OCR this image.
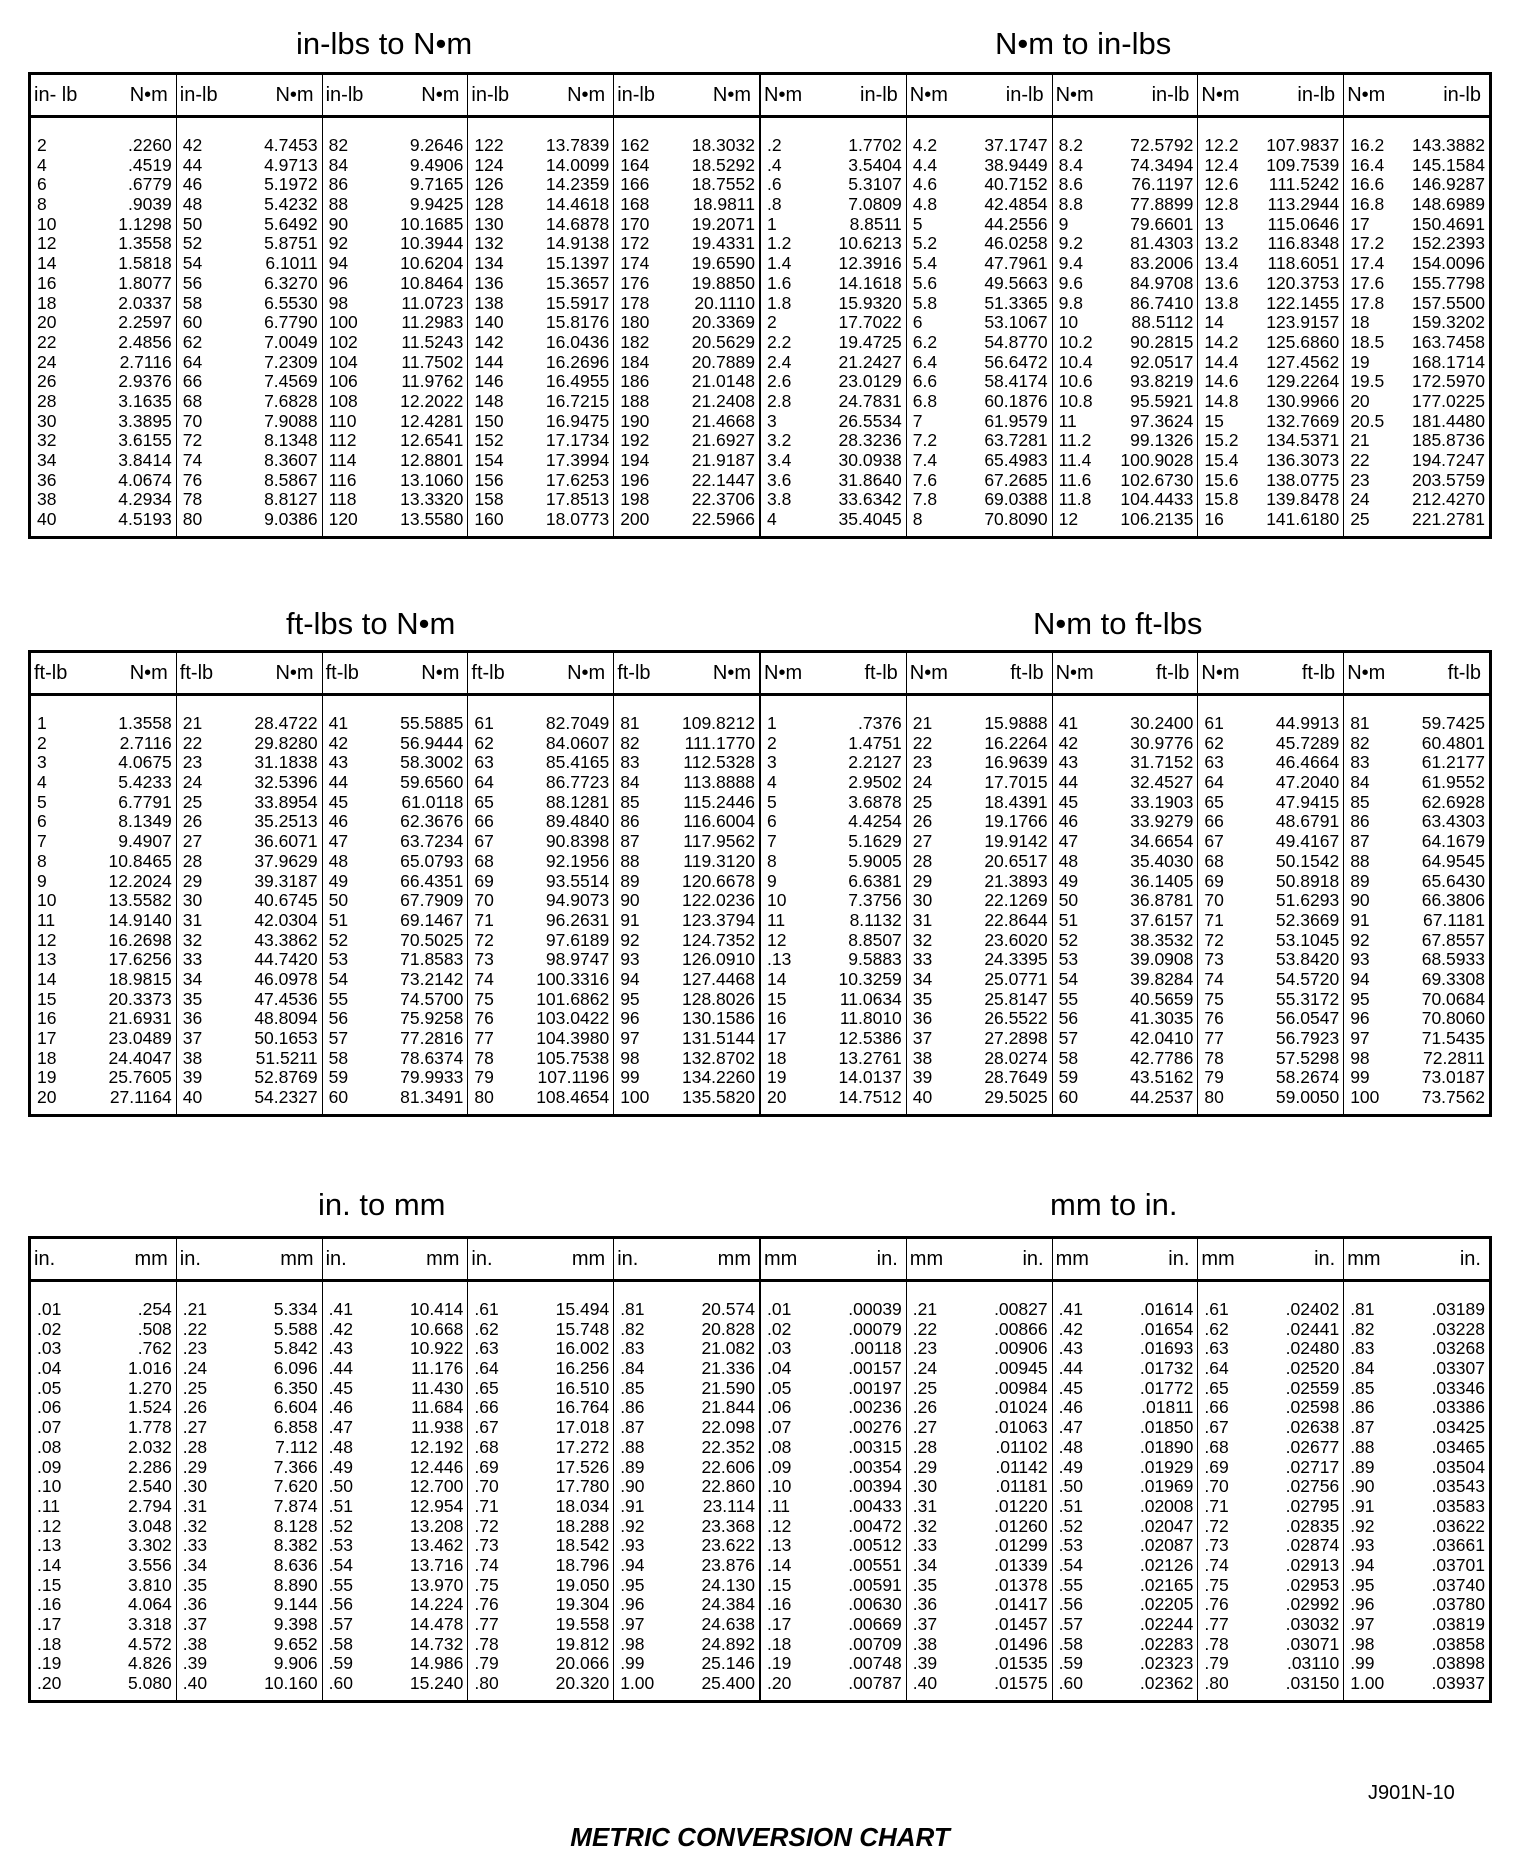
in-lbs to N•m	N•m to in-lbs
in- lb	N•m
2	.2260
4	.4519
6	.6779
8	.9039
10	1.1298
12	1.3558
14	1.5818
16	1.8077
18	2.0337
20	2.2597
22	2.4856
24	2.7116
26	2.9376
28	3.1635
30	3.3895
32	3.6155
34	3.8414
36	4.0674
38	4.2934
40	4.5193
in-lb	N•m
42	4.7453
44	4.9713
46	5.1972
48	5.4232
50	5.6492
52	5.8751
54	6.1011
56	6.3270
58	6.5530
60	6.7790
62	7.0049
64	7.2309
66	7.4569
68	7.6828
70	7.9088
72	8.1348
74	8.3607
76	8.5867
78	8.8127
80	9.0386
in-lb	N•m
82	9.2646
84	9.4906
86	9.7165
88	9.9425
90	10.1685
92	10.3944
94	10.6204
96	10.8464
98	11.0723
100	11.2983
102	11.5243
104	11.7502
106	11.9762
108	12.2022
110	12.4281
112	12.6541
114	12.8801
116	13.1060
118	13.3320
120	13.5580
in-lb	N•m
122	13.7839
124	14.0099
126	14.2359
128	14.4618
130	14.6878
132	14.9138
134	15.1397
136	15.3657
138	15.5917
140	15.8176
142	16.0436
144	16.2696
146	16.4955
148	16.7215
150	16.9475
152	17.1734
154	17.3994
156	17.6253
158	17.8513
160	18.0773
in-lb	N•m
162	18.3032
164	18.5292
166	18.7552
168	18.9811
170	19.2071
172	19.4331
174	19.6590
176	19.8850
178	20.1110
180	20.3369
182	20.5629
184	20.7889
186	21.0148
188	21.2408
190	21.4668
192	21.6927
194	21.9187
196	22.1447
198	22.3706
200	22.5966
N•m	in-lb
.2	1.7702
.4	3.5404
.6	5.3107
.8	7.0809
1	8.8511
1.2	10.6213
1.4	12.3916
1.6	14.1618
1.8	15.9320
2	17.7022
2.2	19.4725
2.4	21.2427
2.6	23.0129
2.8	24.7831
3	26.5534
3.2	28.3236
3.4	30.0938
3.6	31.8640
3.8	33.6342
4	35.4045
N•m	in-lb
4.2	37.1747
4.4	38.9449
4.6	40.7152
4.8	42.4854
5	44.2556
5.2	46.0258
5.4	47.7961
5.6	49.5663
5.8	51.3365
6	53.1067
6.2	54.8770
6.4	56.6472
6.6	58.4174
6.8	60.1876
7	61.9579
7.2	63.7281
7.4	65.4983
7.6	67.2685
7.8	69.0388
8	70.8090
N•m	in-lb
8.2	72.5792
8.4	74.3494
8.6	76.1197
8.8	77.8899
9	79.6601
9.2	81.4303
9.4	83.2006
9.6	84.9708
9.8	86.7410
10	88.5112
10.2	90.2815
10.4	92.0517
10.6	93.8219
10.8	95.5921
11	97.3624
11.2	99.1326
11.4	100.9028
11.6	102.6730
11.8	104.4433
12	106.2135
N•m	in-lb
12.2	107.9837
12.4	109.7539
12.6	111.5242
12.8	113.2944
13	115.0646
13.2	116.8348
13.4	118.6051
13.6	120.3753
13.8	122.1455
14	123.9157
14.2	125.6860
14.4	127.4562
14.6	129.2264
14.8	130.9966
15	132.7669
15.2	134.5371
15.4	136.3073
15.6	138.0775
15.8	139.8478
16	141.6180
N•m	in-lb
16.2	143.3882
16.4	145.1584
16.6	146.9287
16.8	148.6989
17	150.4691
17.2	152.2393
17.4	154.0096
17.6	155.7798
17.8	157.5500
18	159.3202
18.5	163.7458
19	168.1714
19.5	172.5970
20	177.0225
20.5	181.4480
21	185.8736
22	194.7247
23	203.5759
24	212.4270
25	221.2781
ft-lbs to N•m	N•m to ft-lbs
ft-lb	N•m
1	1.3558
2	2.7116
3	4.0675
4	5.4233
5	6.7791
6	8.1349
7	9.4907
8	10.8465
9	12.2024
10	13.5582
11	14.9140
12	16.2698
13	17.6256
14	18.9815
15	20.3373
16	21.6931
17	23.0489
18	24.4047
19	25.7605
20	27.1164
ft-lb	N•m
21	28.4722
22	29.8280
23	31.1838
24	32.5396
25	33.8954
26	35.2513
27	36.6071
28	37.9629
29	39.3187
30	40.6745
31	42.0304
32	43.3862
33	44.7420
34	46.0978
35	47.4536
36	48.8094
37	50.1653
38	51.5211
39	52.8769
40	54.2327
ft-lb	N•m
41	55.5885
42	56.9444
43	58.3002
44	59.6560
45	61.0118
46	62.3676
47	63.7234
48	65.0793
49	66.4351
50	67.7909
51	69.1467
52	70.5025
53	71.8583
54	73.2142
55	74.5700
56	75.9258
57	77.2816
58	78.6374
59	79.9933
60	81.3491
ft-lb	N•m
61	82.7049
62	84.0607
63	85.4165
64	86.7723
65	88.1281
66	89.4840
67	90.8398
68	92.1956
69	93.5514
70	94.9073
71	96.2631
72	97.6189
73	98.9747
74	100.3316
75	101.6862
76	103.0422
77	104.3980
78	105.7538
79	107.1196
80	108.4654
ft-lb	N•m
81	109.8212
82	111.1770
83	112.5328
84	113.8888
85	115.2446
86	116.6004
87	117.9562
88	119.3120
89	120.6678
90	122.0236
91	123.3794
92	124.7352
93	126.0910
94	127.4468
95	128.8026
96	130.1586
97	131.5144
98	132.8702
99	134.2260
100	135.5820
N•m	ft-lb
1	.7376
2	1.4751
3	2.2127
4	2.9502
5	3.6878
6	4.4254
7	5.1629
8	5.9005
9	6.6381
10	7.3756
11	8.1132
12	8.8507
.13	9.5883
14	10.3259
15	11.0634
16	11.8010
17	12.5386
18	13.2761
19	14.0137
20	14.7512
N•m	ft-lb
21	15.9888
22	16.2264
23	16.9639
24	17.7015
25	18.4391
26	19.1766
27	19.9142
28	20.6517
29	21.3893
30	22.1269
31	22.8644
32	23.6020
33	24.3395
34	25.0771
35	25.8147
36	26.5522
37	27.2898
38	28.0274
39	28.7649
40	29.5025
N•m	ft-lb
41	30.2400
42	30.9776
43	31.7152
44	32.4527
45	33.1903
46	33.9279
47	34.6654
48	35.4030
49	36.1405
50	36.8781
51	37.6157
52	38.3532
53	39.0908
54	39.8284
55	40.5659
56	41.3035
57	42.0410
58	42.7786
59	43.5162
60	44.2537
N•m	ft-lb
61	44.9913
62	45.7289
63	46.4664
64	47.2040
65	47.9415
66	48.6791
67	49.4167
68	50.1542
69	50.8918
70	51.6293
71	52.3669
72	53.1045
73	53.8420
74	54.5720
75	55.3172
76	56.0547
77	56.7923
78	57.5298
79	58.2674
80	59.0050
N•m	ft-lb
81	59.7425
82	60.4801
83	61.2177
84	61.9552
85	62.6928
86	63.4303
87	64.1679
88	64.9545
89	65.6430
90	66.3806
91	67.1181
92	67.8557
93	68.5933
94	69.3308
95	70.0684
96	70.8060
97	71.5435
98	72.2811
99	73.0187
100	73.7562
in. to mm	mm to in.
in.	mm
.01	.254
.02	.508
.03	.762
.04	1.016
.05	1.270
.06	1.524
.07	1.778
.08	2.032
.09	2.286
.10	2.540
.11	2.794
.12	3.048
.13	3.302
.14	3.556
.15	3.810
.16	4.064
.17	3.318
.18	4.572
.19	4.826
.20	5.080
in.	mm
.21	5.334
.22	5.588
.23	5.842
.24	6.096
.25	6.350
.26	6.604
.27	6.858
.28	7.112
.29	7.366
.30	7.620
.31	7.874
.32	8.128
.33	8.382
.34	8.636
.35	8.890
.36	9.144
.37	9.398
.38	9.652
.39	9.906
.40	10.160
in.	mm
.41	10.414
.42	10.668
.43	10.922
.44	11.176
.45	11.430
.46	11.684
.47	11.938
.48	12.192
.49	12.446
.50	12.700
.51	12.954
.52	13.208
.53	13.462
.54	13.716
.55	13.970
.56	14.224
.57	14.478
.58	14.732
.59	14.986
.60	15.240
in.	mm
.61	15.494
.62	15.748
.63	16.002
.64	16.256
.65	16.510
.66	16.764
.67	17.018
.68	17.272
.69	17.526
.70	17.780
.71	18.034
.72	18.288
.73	18.542
.74	18.796
.75	19.050
.76	19.304
.77	19.558
.78	19.812
.79	20.066
.80	20.320
in.	mm
.81	20.574
.82	20.828
.83	21.082
.84	21.336
.85	21.590
.86	21.844
.87	22.098
.88	22.352
.89	22.606
.90	22.860
.91	23.114
.92	23.368
.93	23.622
.94	23.876
.95	24.130
.96	24.384
.97	24.638
.98	24.892
.99	25.146
1.00	25.400
mm	in.
.01	.00039
.02	.00079
.03	.00118
.04	.00157
.05	.00197
.06	.00236
.07	.00276
.08	.00315
.09	.00354
.10	.00394
.11	.00433
.12	.00472
.13	.00512
.14	.00551
.15	.00591
.16	.00630
.17	.00669
.18	.00709
.19	.00748
.20	.00787
mm	in.
.21	.00827
.22	.00866
.23	.00906
.24	.00945
.25	.00984
.26	.01024
.27	.01063
.28	.01102
.29	.01142
.30	.01181
.31	.01220
.32	.01260
.33	.01299
.34	.01339
.35	.01378
.36	.01417
.37	.01457
.38	.01496
.39	.01535
.40	.01575
mm	in.
.41	.01614
.42	.01654
.43	.01693
.44	.01732
.45	.01772
.46	.01811
.47	.01850
.48	.01890
.49	.01929
.50	.01969
.51	.02008
.52	.02047
.53	.02087
.54	.02126
.55	.02165
.56	.02205
.57	.02244
.58	.02283
.59	.02323
.60	.02362
mm	in.
.61	.02402
.62	.02441
.63	.02480
.64	.02520
.65	.02559
.66	.02598
.67	.02638
.68	.02677
.69	.02717
.70	.02756
.71	.02795
.72	.02835
.73	.02874
.74	.02913
.75	.02953
.76	.02992
.77	.03032
.78	.03071
.79	.03110
.80	.03150
mm	in.
.81	.03189
.82	.03228
.83	.03268
.84	.03307
.85	.03346
.86	.03386
.87	.03425
.88	.03465
.89	.03504
.90	.03543
.91	.03583
.92	.03622
.93	.03661
.94	.03701
.95	.03740
.96	.03780
.97	.03819
.98	.03858
.99	.03898
1.00	.03937
J901N-10
METRIC CONVERSION CHART
